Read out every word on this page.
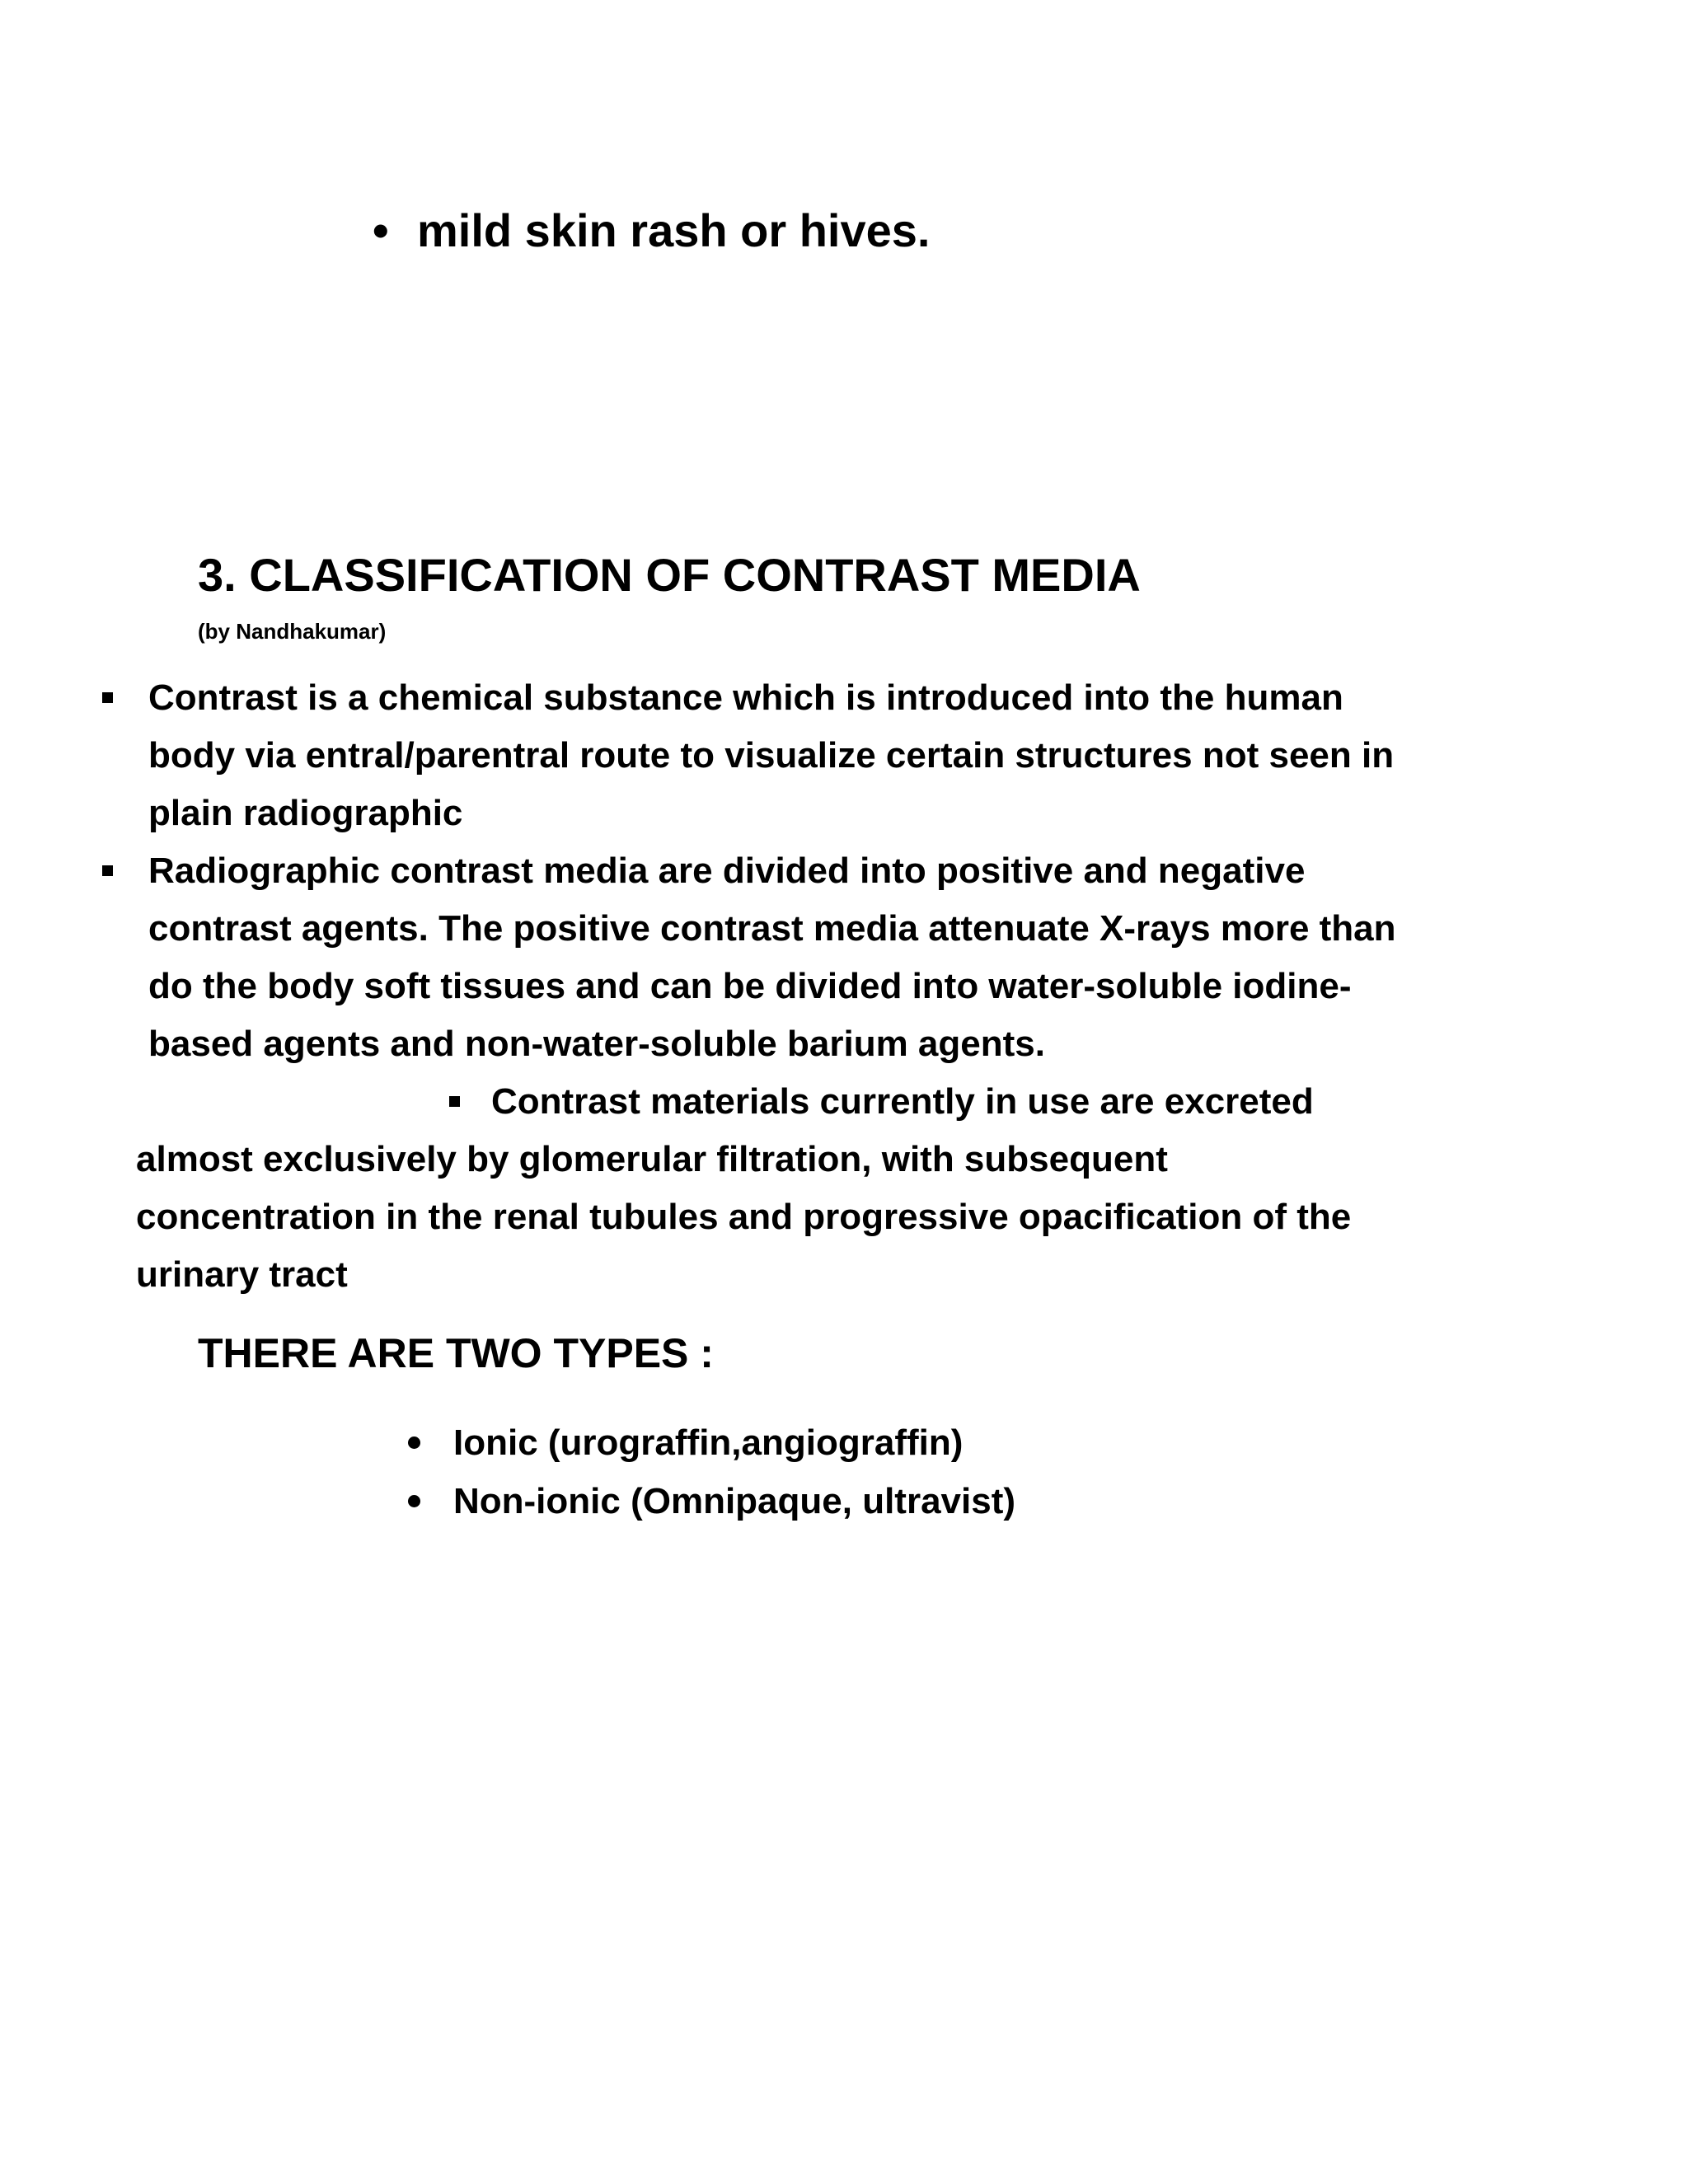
• mild skin rash or hives.
3. CLASSIFICATION OF CONTRAST MEDIA
(by Nandhakumar)
Contrast is a chemical substance which is introduced into the human
body via entral/parentral route to visualize certain structures not seen in
plain radiographic
Radiographic contrast media are divided into positive and negative
contrast agents. The positive contrast media attenuate X-rays more than
do the body soft tissues and can be divided into water-soluble iodine-
based agents and non-water-soluble barium agents.
Contrast materials currently in use are excreted
almost exclusively by glomerular filtration, with subsequent
concentration in the renal tubules and progressive opacification of the
urinary tract
THERE ARE TWO TYPES :
Ionic (urograffin,angiograffin)
Non-ionic (Omnipaque, ultravist)
